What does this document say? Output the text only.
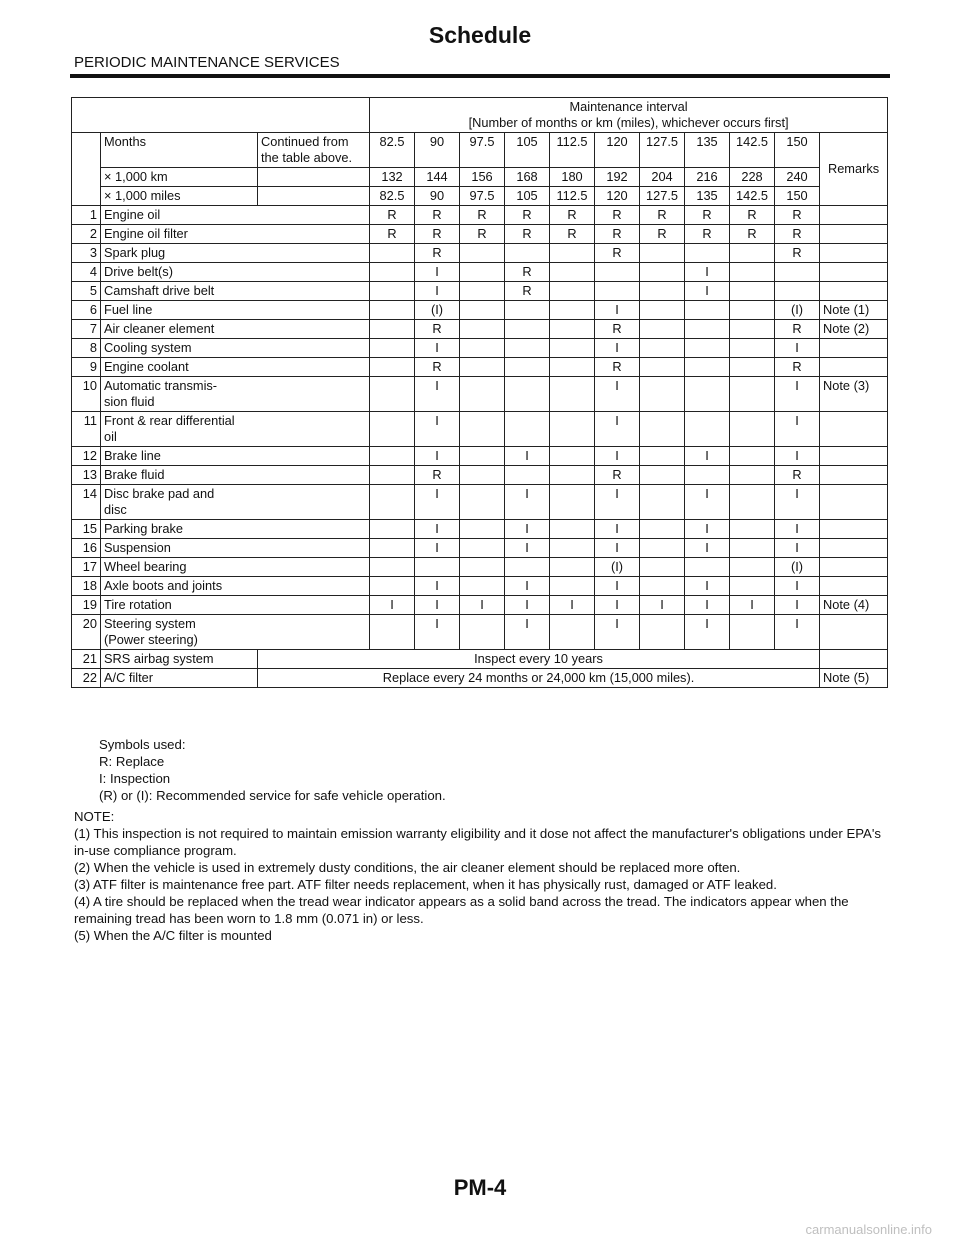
Schedule
PERIODIC MAINTENANCE SERVICES

			Maintenance interval
[Number of months or km (miles), whichever occurs first]										

	Months	Continued from the table above.	82.5	90	97.5	105	112.5	120	127.5	135	142.5	150	Remarks
	× 1,000 km		132	144	156	168	180	192	204	216	228	240	
	× 1,000 miles		82.5	90	97.5	105	112.5	120	127.5	135	142.5	150	
1	Engine oil		R	R	R	R	R	R	R	R	R	R	
2	Engine oil filter		R	R	R	R	R	R	R	R	R	R	
3	Spark plug			R				R				R	
4	Drive belt(s)			I		R				I			
5	Camshaft drive belt			I		R				I			
6	Fuel line			(I)				I				(I)	Note (1)
7	Air cleaner element			R				R				R	Note (2)
8	Cooling system			I				I				I	
9	Engine coolant			R				R				R	
10	Automatic transmis-
sion fluid			I				I				I	Note (3)
11	Front & rear differential
oil			I				I				I	
12	Brake line			I		I		I		I		I	
13	Brake fluid			R				R				R	
14	Disc brake pad and
disc			I		I		I		I		I	
15	Parking brake			I		I		I		I		I	
16	Suspension			I		I		I		I		I	
17	Wheel bearing							(I)				(I)	
18	Axle boots and joints			I		I		I		I		I	
19	Tire rotation		I	I	I	I	I	I	I	I	I	I	Note (4)
20	Steering system
(Power steering)			I		I		I		I		I	
21	SRS airbag system	Inspect every 10 years											
22	A/C filter	Replace every 24 months or 24,000 km (15,000 miles).											Note (5)
Symbols used:
R: Replace
I: Inspection
(R) or (I): Recommended service for safe vehicle operation.
NOTE:
(1) This inspection is not required to maintain emission warranty eligibility and it dose not affect the manufacturer's obligations under EPA's in-use compliance program.
(2) When the vehicle is used in extremely dusty conditions, the air cleaner element should be replaced more often.
(3) ATF filter is maintenance free part. ATF filter needs replacement, when it has physically rust, damaged or ATF leaked.
(4) A tire should be replaced when the tread wear indicator appears as a solid band across the tread. The indicators appear when the remaining tread has been worn to 1.8 mm (0.071 in) or less.
(5) When the A/C filter is mounted
PM-4
carmanualsonline.info
